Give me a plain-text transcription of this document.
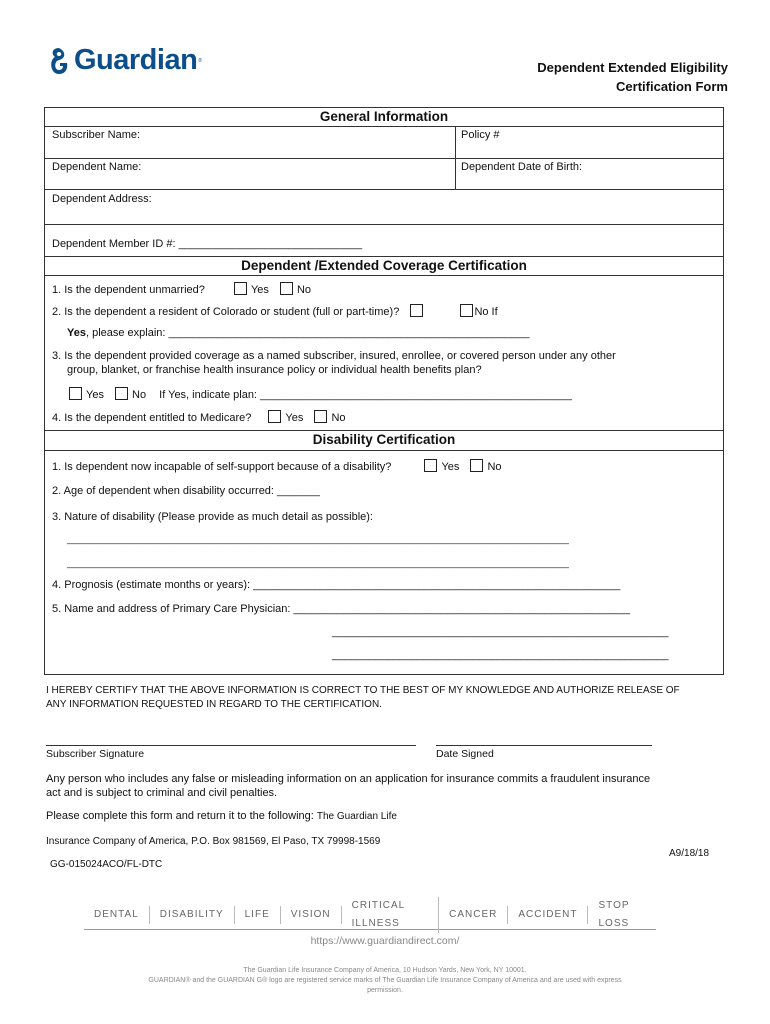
Guardian ®	Dependent Extended Eligibility
Certification Form
General Information
Subscriber Name:	Policy #
Dependent Name:	Dependent Date of Birth:
Dependent Address:
Dependent Member ID #: ______________________________
Dependent /Extended Coverage Certification
1. Is the dependent unmarried?	Yes	No
2. Is the dependent a resident of Colorado or student (full or part-time)?	No If
Yes, please explain: ___________________________________________________________
3. Is the dependent provided coverage as a named subscriber, insured, enrollee, or covered person under any other
group, blanket, or franchise health insurance policy or individual health benefits plan?
Yes	No If Yes, indicate plan: ___________________________________________________
4. Is the dependent entitled to Medicare?	Yes	No
Disability Certification
1. Is dependent now incapable of self-support because of a disability?	Yes	No
2. Age of dependent when disability occurred: _______
3. Nature of disability (Please provide as much detail as possible):
_______________________________________________________________________________________________
_______________________________________________________________________________________________
4. Prognosis (estimate months or years): ____________________________________________________________
5. Name and address of Primary Care Physician: _______________________________________________________
_______________________________________________________
_______________________________________________________
I HEREBY CERTIFY THAT THE ABOVE INFORMATION IS CORRECT TO THE BEST OF MY KNOWLEDGE AND AUTHORIZE RELEASE OF
ANY INFORMATION REQUESTED IN REGARD TO THE CERTIFICATION.
Subscriber Signature	Date Signed
Any person who includes any false or misleading information on an application for insurance commits a fraudulent insurance
act and is subject to criminal and civil penalties.
Please complete this form and return it to the following: The Guardian Life
Insurance Company of America, P.O. Box 981569, El Paso, TX 79998-1569
A9/18/18
GG-015024ACO/FL-DTC
DENTAL	DISABILITY	LIFE	VISION
CRITICAL ILLNESS
CANCER	ACCIDENT
STOP LOSS
https://www.guardiandirect.com/
The Guardian Life Insurance Company of America, 10 Hudson Yards, New York, NY 10001.
GUARDIAN® and the GUARDIAN G® logo are registered service marks of The Guardian Life Insurance Company of America and are used with express
permission.
